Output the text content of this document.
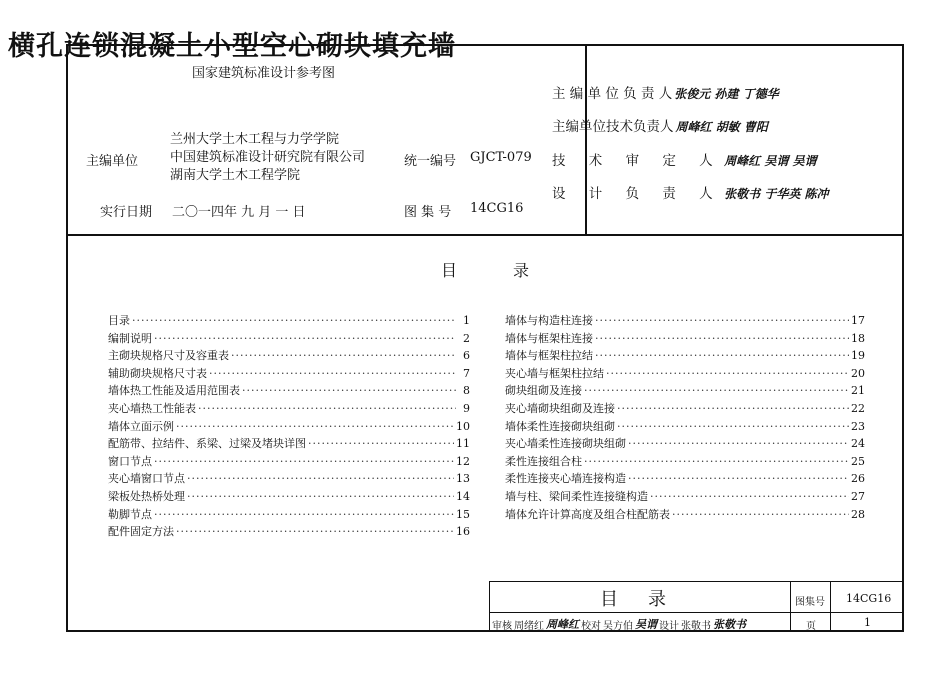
横孔连锁混凝土小型空心砌块填充墙
国家建筑标准设计参考图
主编单位
兰州大学土木工程与力学学院
中国建筑标准设计研究院有限公司
湖南大学土木工程学院
统一编号 GJCT-079
实行日期 二〇一四年 九 月 一 日	图 集 号 14CG16
主 编 单 位 负 责 人 张俊元 孙建 丁德华
主编单位技术负责人 周峰红 胡敏 曹阳
技 术 审 定 人 周峰红 吴谓 吴谓
设 计 负 责 人 张敬书 于华英 陈冲
目	录
目录 ·····	1
编制说明 ·····	2
主砌块规格尺寸及容重表 ·····	6
辅助砌块规格尺寸表 ·····	7
墙体热工性能及适用范围表 ·····	8
夹心墙热工性能表 ·····	9
墙体立面示例 ·····	10
配筋带、拉结件、系梁、过梁及堵块详图 ·····	11
窗口节点 ·····	12
夹心墙窗口节点 ·····	13
梁板处热桥处理 ·····	14
勒脚节点 ·····	15
配件固定方法 ·····	16
墙体与构造柱连接 ·····	17
墙体与框架柱连接 ·····	18
墙体与框架柱拉结 ·····	19
夹心墙与框架柱拉结 ·····	20
砌块组砌及连接 ·····	21
夹心墙砌块组砌及连接 ·····	22
墙体柔性连接砌块组砌 ·····	23
夹心墙柔性连接砌块组砌 ·····	24
柔性连接组合柱 ·····	25
柔性连接夹心墙连接构造 ·····	26
墙与柱、梁间柔性连接缝构造 ·····	27
墙体允许计算高度及组合柱配筋表 ·····	28
目录	图集号 14CG16
页	1
审核 周绪红 周峰红 校对 吴方伯 吴谓 设计 张敬书 张敬书
